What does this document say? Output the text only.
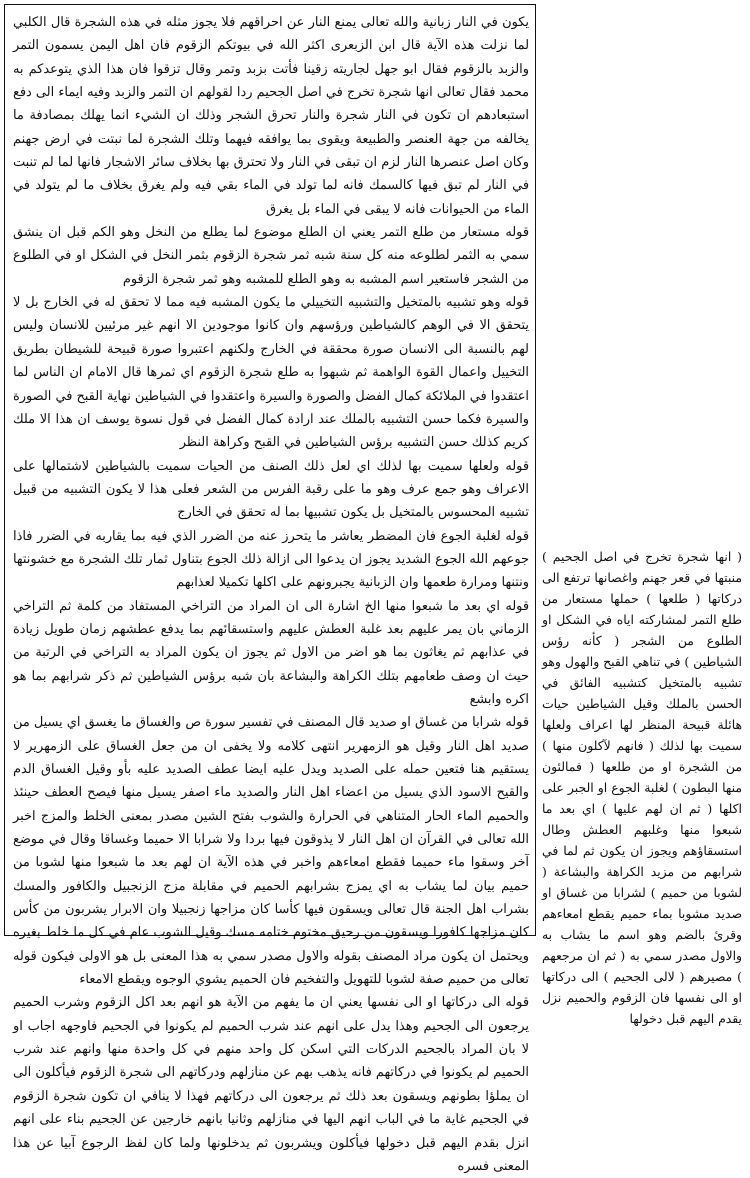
يكون في النار زبانية والله تعالى يمنع النار عن احراقهم فلا يجوز مثله في هذه الشجرة قال الكلبي لما نزلت هذه الآية قال ابن الزبعرى اكثر الله في بيوتكم الزقوم فان اهل اليمن يسمون التمر والزبد بالزقوم فقال ابو جهل لجاريته زقينا فأتت بزبد وتمر وقال تزقوا فان هذا الذي يتوعدكم به محمد فقال تعالى انها شجرة تخرج في اصل الجحيم ردا لقولهم ان التمر والزبد وفيه ايماء الى دفع استبعادهم ان تكون في النار شجرة والنار تحرق الشجر وذلك ان الشيء انما يهلك بمصادفة ما يخالفه من جهة العنصر والطبيعة ويقوى بما يوافقه فيهما وتلك الشجرة لما نبتت في ارض جهنم وكان اصل عنصرها النار لزم ان تبقى في النار ولا تحترق بها بخلاف سائر الاشجار فانها لما لم تنبت في النار لم تبق فيها كالسمك فانه لما تولد في الماء بقي فيه ولم يغرق بخلاف ما لم يتولد في الماء من الحيوانات فانه لا يبقى في الماء بل يغرق

قوله مستعار من طلع التمر يعني ان الطلع موضوع لما يطلع من النخل وهو الكم قبل ان ينشق سمي به الثمر لطلوعه منه كل سنة شبه ثمر شجرة الزقوم بثمر النخل في الشكل او في الطلوع من الشجر فاستعير اسم المشبه به وهو الطلع للمشبه وهو ثمر شجرة الزقوم

قوله وهو تشبيه بالمتخيل والتشبيه التخييلي ما يكون المشبه فيه مما لا تحقق له في الخارج بل لا يتحقق الا في الوهم كالشياطين ورؤسهم وان كانوا موجودين الا انهم غير مرئيين للانسان وليس لهم بالنسبة الى الانسان صورة محققة في الخارج ولكنهم اعتبروا صورة قبيحة للشيطان بطريق التخييل واعمال القوة الواهمة ثم شبهوا به طلع شجرة الزقوم اي ثمرها قال الامام ان الناس لما اعتقدوا في الملائكة كمال الفضل والصورة والسيرة واعتقدوا في الشياطين نهاية القبح في الصورة والسيرة فكما حسن التشبيه بالملك عند ارادة كمال الفضل في قول نسوة يوسف ان هذا الا ملك كريم كذلك حسن التشبيه برؤس الشياطين في القبح وكراهة النظر

قوله ولعلها سميت بها لذلك اي لعل ذلك الصنف من الحيات سميت بالشياطين لاشتمالها على الاعراف وهو جمع عرف وهو ما على رقبة الفرس من الشعر فعلى هذا لا يكون التشبيه من قبيل تشبيه المحسوس بالمتخيل بل يكون تشبيها بما له تحقق في الخارج

قوله لغلبة الجوع فان المضطر يعاشر ما يتحرز عنه من الضرر الذي فيه بما يقاربه في الضرر فاذا جوعهم الله الجوع الشديد يجوز ان يدعوا الى ازالة ذلك الجوع بتناول ثمار تلك الشجرة مع خشونتها ونتنها ومرارة طعمها وان الزبانية يجبرونهم على اكلها تكميلا لعذابهم

قوله اي بعد ما شبعوا منها الخ اشارة الى ان المراد من التراخي المستفاد من كلمة ثم التراخي الزماني بان يمر عليهم بعد غلبة العطش عليهم واستسقائهم بما يدفع عطشهم زمان طويل زيادة في عذابهم ثم يغاثون بما هو اضر من الاول ثم يجوز ان يكون المراد به التراخي في الرتبة من حيث ان وصف طعامهم بتلك الكراهة والبشاعة بان شبه برؤس الشياطين ثم ذكر شرابهم بما هو اكره وابشع

قوله شرابا من غساق او صديد قال المصنف في تفسير سورة ص والغساق ما يغسق اي يسيل من صديد اهل النار وقيل هو الزمهرير انتهى كلامه ولا يخفى ان من جعل الغساق على الزمهرير لا يستقيم هنا فتعين حمله على الصديد ويدل عليه ايضا عطف الصديد عليه بأو وقيل الغساق الدم والقيح الاسود الذي يسيل من اعضاء اهل النار والصديد ماء اصفر يسيل منها فيصح العطف حينئذ والحميم الماء الحار المتناهي في الحرارة والشوب بفتح الشين مصدر بمعنى الخلط والمزج اخبر الله تعالى في القرآن ان اهل النار لا يذوقون فيها بردا ولا شرابا الا حميما وغساقا وقال في موضع آخر وسقوا ماء حميما فقطع امعاءهم واخبر في هذه الآية ان لهم بعد ما شبعوا منها لشوبا من حميم بيان لما يشاب به اي يمزج بشرابهم الحميم في مقابلة مزج الزنجبيل والكافور والمسك بشراب اهل الجنة قال تعالى ويسقون فيها كأسا كان مزاجها زنجبيلا وان الابرار يشربون من كأس كان مزاجها كافورا ويسقون من رحيق مختوم ختامه مسك وقيل الشوب عام في كل ما خلط بغيره ويحتمل ان يكون مراد المصنف بقوله والاول مصدر سمي به هذا المعنى بل هو الاولى فيكون قوله تعالى من حميم صفة لشوبا للتهويل والتفخيم فان الحميم يشوي الوجوه ويقطع الامعاء

قوله الى دركاتها او الى نفسها يعني ان ما يفهم من الآية هو انهم بعد اكل الزقوم وشرب الحميم يرجعون الى الجحيم وهذا يدل على انهم عند شرب الحميم لم يكونوا في الجحيم فاوجهه اجاب او لا بان المراد بالجحيم الدركات التي اسكن كل واحد منهم في كل واحدة منها وانهم عند شرب الحميم لم يكونوا في دركاتهم فانه يذهب بهم عن منازلهم ودركاتهم الى شجرة الزقوم فيأكلون الى ان يملؤا بطونهم ويسقون بعد ذلك ثم يرجعون الى دركاتهم فهذا لا ينافي ان تكون شجرة الزقوم في الجحيم غاية ما في الباب انهم اليها في منازلهم وثانيا بانهم خارجين عن الجحيم بناء على انهم انزل بقدم اليهم قبل دخولها فيأكلون ويشربون ثم يدخلونها ولما كان لفظ الرجوع آبيا عن هذا المعنى فسره

( انها شجرة تخرج في اصل الجحيم ) منبتها في قعر جهنم واغصانها ترتفع الى دركاتها ( طلعها ) حملها مستعار من طلع التمر لمشاركته اياه في الشكل او الطلوع من الشجر ( كأنه رؤس الشياطين ) في تناهي القبح والهول وهو تشبيه بالمتخيل كتشبيه الفائق في الحسن بالملك وقيل الشياطين حيات هائلة قبيحة المنظر لها اعراف ولعلها سميت بها لذلك ( فانهم لآكلون منها ) من الشجرة او من طلعها ( فمالئون منها البطون ) لغلبة الجوع او الجبر على اكلها ( ثم ان لهم عليها ) اي بعد ما شبعوا منها وغلبهم العطش وطال استسقاؤهم ويجوز ان يكون ثم لما في شرابهم من مزيد الكراهة والبشاعة ( لشوبا من حميم ) لشرابا من غساق او صديد مشوبا بماء حميم يقطع امعاءهم وقرئ بالضم وهو اسم ما يشاب به والاول مصدر سمي به ( ثم ان مرجعهم ) مصيرهم ( لالى الجحيم ) الى دركاتها او الى نفسها فان الزقوم والحميم نزل يقدم اليهم قبل دخولها
